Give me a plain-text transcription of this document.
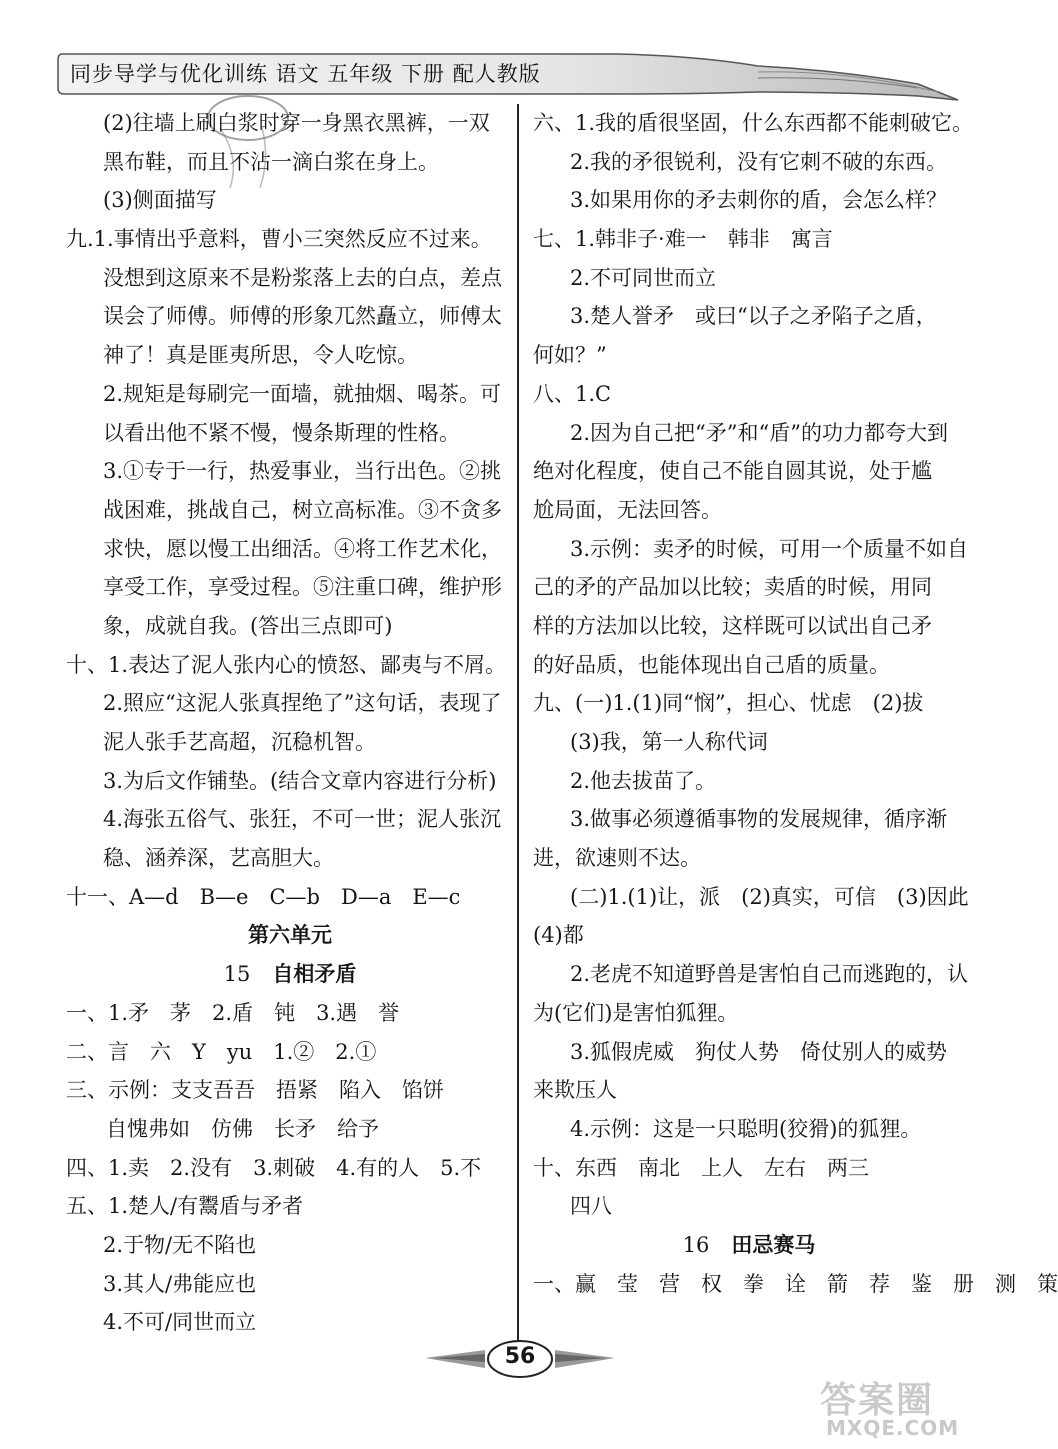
同步导学与优化训练 语文 五年级 下册 配人教版
(2)往墙上刷白浆时穿一身黑衣黑裤，一双
黑布鞋，而且不沾一滴白浆在身上。
(3)侧面描写
九.1.事情出乎意料，曹小三突然反应不过来。
没想到这原来不是粉浆落上去的白点，差点
误会了师傅。师傅的形象兀然矗立，师傅太
神了！真是匪夷所思，令人吃惊。
2.规矩是每刷完一面墙，就抽烟、喝茶。可
以看出他不紧不慢，慢条斯理的性格。
3.①专于一行，热爱事业，当行出色。②挑
战困难，挑战自己，树立高标准。③不贪多
求快，愿以慢工出细活。④将工作艺术化，
享受工作，享受过程。⑤注重口碑，维护形
象，成就自我。(答出三点即可)
十、1.表达了泥人张内心的愤怒、鄙夷与不屑。
2.照应“这泥人张真捏绝了”这句话，表现了
泥人张手艺高超，沉稳机智。
3.为后文作铺垫。(结合文章内容进行分析)
4.海张五俗气、张狂，不可一世；泥人张沉
稳、涵养深，艺高胆大。
十一、A—d　B—e　C—b　D—a　E—c
第六单元
15 自相矛盾
一、1.矛　茅　2.盾　钝　3.遇　誉
二、言　六　Y　yu　1.②　2.①
三、示例：支支吾吾　捂紧　陷入　馅饼
自愧弗如　仿佛　长矛　给予
四、1.卖　2.没有　3.刺破　4.有的人　5.不
五、1.楚人/有鬻盾与矛者
2.于物/无不陷也
3.其人/弗能应也
4.不可/同世而立
六、1.我的盾很坚固，什么东西都不能刺破它。
2.我的矛很锐利，没有它刺不破的东西。
3.如果用你的矛去刺你的盾，会怎么样？
七、1.韩非子·难一　韩非　寓言
2.不可同世而立
3.楚人誉矛　或曰“以子之矛陷子之盾，
何如？”
八、1.C
2.因为自己把“矛”和“盾”的功力都夸大到
绝对化程度，使自己不能自圆其说，处于尴
尬局面，无法回答。
3.示例：卖矛的时候，可用一个质量不如自
己的矛的产品加以比较；卖盾的时候，用同
样的方法加以比较，这样既可以试出自己矛
的好品质，也能体现出自己盾的质量。
九、(一)1.(1)同“悯”，担心、忧虑　(2)拔
(3)我，第一人称代词
2.他去拔苗了。
3.做事必须遵循事物的发展规律，循序渐
进，欲速则不达。
(二)1.(1)让，派　(2)真实，可信　(3)因此
(4)都
2.老虎不知道野兽是害怕自己而逃跑的，认
为(它们)是害怕狐狸。
3.狐假虎威　狗仗人势　倚仗别人的威势
来欺压人
4.示例：这是一只聪明(狡猾)的狐狸。
十、东西　南北　上人　左右　两三
四八
16 田忌赛马
一、赢　莹　营　权　拳　诠　箭　荐　鉴　册　测　策
56
答案圈
MXQE.COM
